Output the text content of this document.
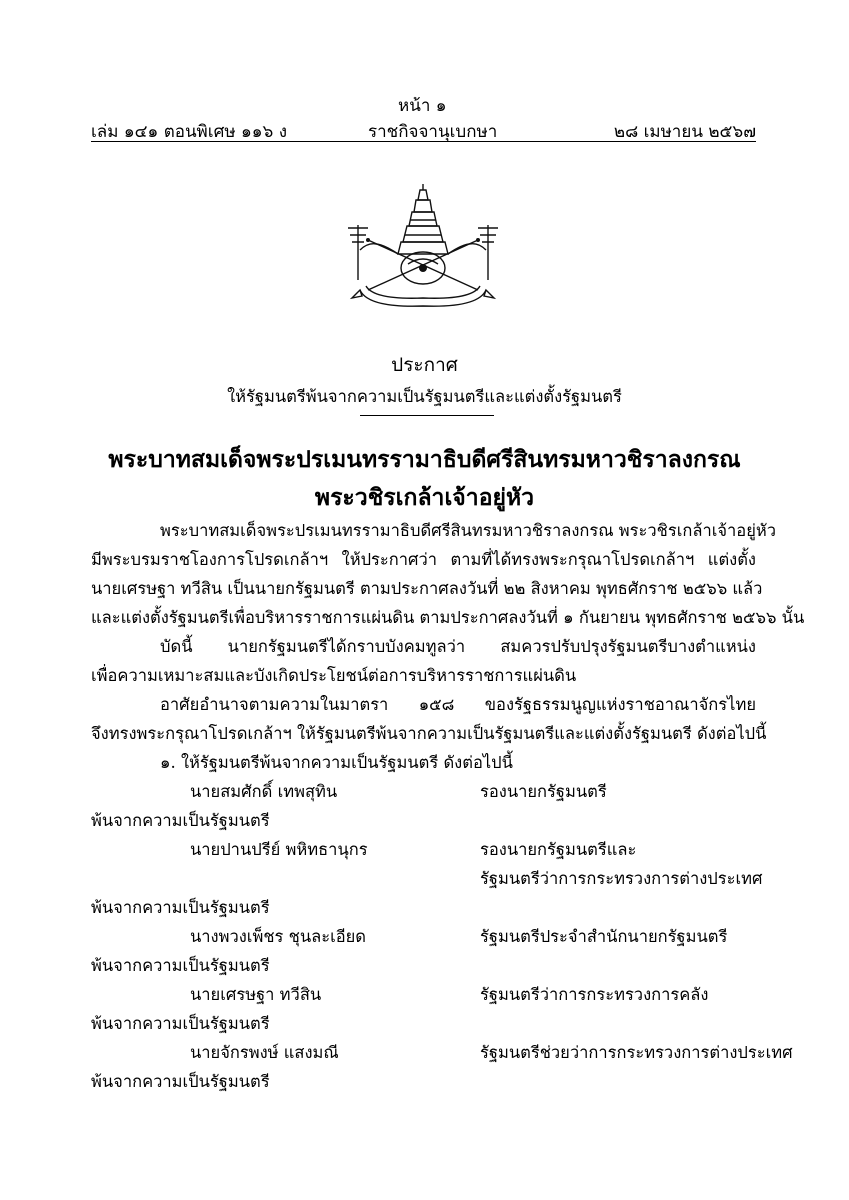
หน้า ๑
เล่ม ๑๔๑ ตอนพิเศษ ๑๑๖ ง	ราชกิจจานุเบกษา	๒๘ เมษายน ๒๕๖๗
ประกาศ
ให้รัฐมนตรีพ้นจากความเป็นรัฐมนตรีและแต่งตั้งรัฐมนตรี
พระบาทสมเด็จพระปรเมนทรรามาธิบดีศรีสินทรมหาวชิราลงกรณ
พระวชิรเกล้าเจ้าอยู่หัว
พระบาทสมเด็จพระปรเมนทรรามาธิบดีศรีสินทรมหาวชิราลงกรณ พระวชิรเกล้าเจ้าอยู่หัว
มีพระบรมราชโองการโปรดเกล้าฯ ให้ประกาศว่า ตามที่ได้ทรงพระกรุณาโปรดเกล้าฯ แต่งตั้ง
นายเศรษฐา ทวีสิน เป็นนายกรัฐมนตรี ตามประกาศลงวันที่ ๒๒ สิงหาคม พุทธศักราช ๒๕๖๖ แล้ว
และแต่งตั้งรัฐมนตรีเพื่อบริหารราชการแผ่นดิน ตามประกาศลงวันที่ ๑ กันยายน พุทธศักราช ๒๕๖๖ นั้น
บัดนี้ นายกรัฐมนตรีได้กราบบังคมทูลว่า สมควรปรับปรุงรัฐมนตรีบางตำแหน่ง
เพื่อความเหมาะสมและบังเกิดประโยชน์ต่อการบริหารราชการแผ่นดิน
อาศัยอำนาจตามความในมาตรา ๑๕๘ ของรัฐธรรมนูญแห่งราชอาณาจักรไทย
จึงทรงพระกรุณาโปรดเกล้าฯ ให้รัฐมนตรีพ้นจากความเป็นรัฐมนตรีและแต่งตั้งรัฐมนตรี ดังต่อไปนี้
๑. ให้รัฐมนตรีพ้นจากความเป็นรัฐมนตรี ดังต่อไปนี้
นายสมศักดิ์ เทพสุทิน	รองนายกรัฐมนตรี
พ้นจากความเป็นรัฐมนตรี
นายปานปรีย์ พหิทธานุกร	รองนายกรัฐมนตรีและ
รัฐมนตรีว่าการกระทรวงการต่างประเทศ
พ้นจากความเป็นรัฐมนตรี
นางพวงเพ็ชร ชุนละเอียด	รัฐมนตรีประจำสำนักนายกรัฐมนตรี
พ้นจากความเป็นรัฐมนตรี
นายเศรษฐา ทวีสิน	รัฐมนตรีว่าการกระทรวงการคลัง
พ้นจากความเป็นรัฐมนตรี
นายจักรพงษ์ แสงมณี	รัฐมนตรีช่วยว่าการกระทรวงการต่างประเทศ
พ้นจากความเป็นรัฐมนตรี
